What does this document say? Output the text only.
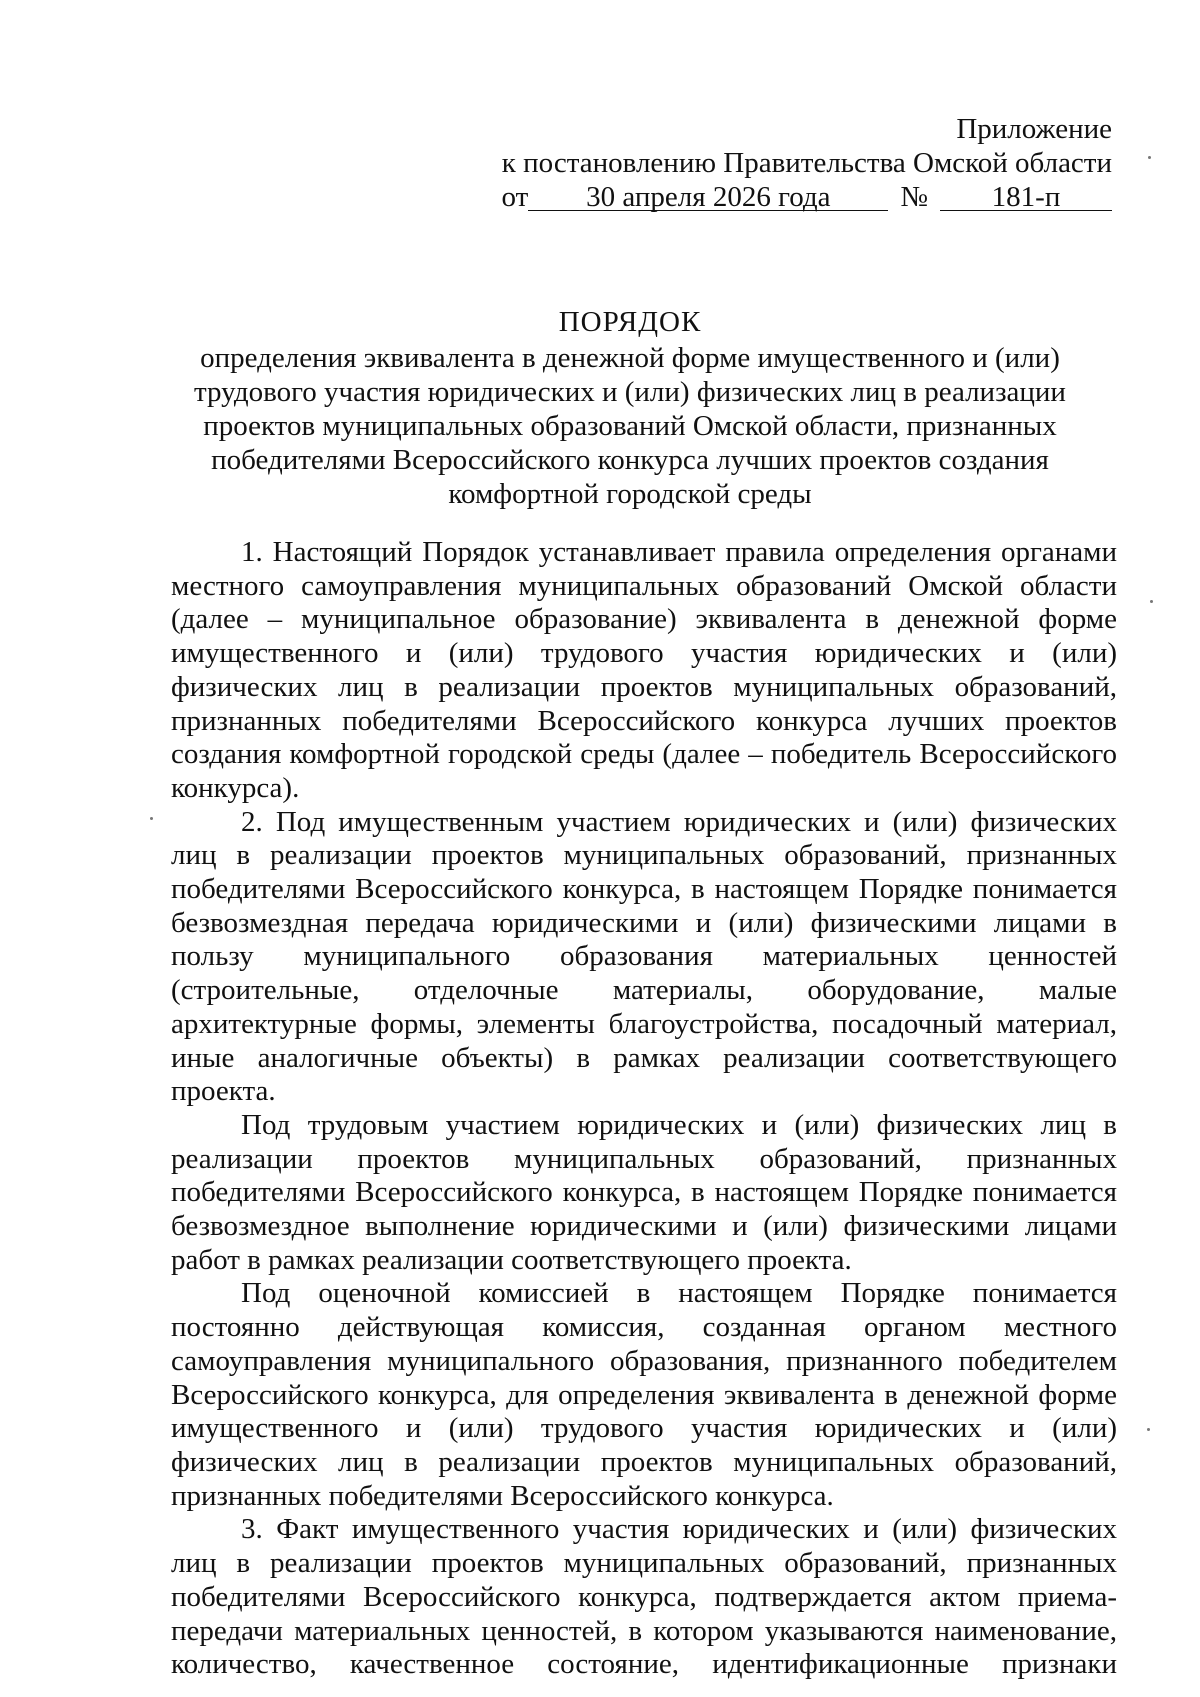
Приложение
к постановлению Правительства Омской области
от 30 апреля 2026 года № 181-п
ПОРЯДОК
определения эквивалента в денежной форме имущественного и (или)
трудового участия юридических и (или) физических лиц в реализации
проектов муниципальных образований Омской области, признанных
победителями Всероссийского конкурса лучших проектов создания
комфортной городской среды

1. Настоящий Порядок устанавливает правила определения органами местного самоуправления муниципальных образований Омской области (далее – муниципальное образование) эквивалента в денежной форме имущественного и (или) трудового участия юридических и (или) физических лиц в реализации проектов муниципальных образований, признанных победителями Всероссийского конкурса лучших проектов создания комфортной городской среды (далее – победитель Всероссийского конкурса).

2. Под имущественным участием юридических и (или) физических лиц в реализации проектов муниципальных образований, признанных победителями Всероссийского конкурса, в настоящем Порядке понимается безвозмездная передача юридическими и (или) физическими лицами в пользу муниципального образования материальных ценностей (строительные, отделочные материалы, оборудование, малые архитектурные формы, элементы благоустройства, посадочный материал, иные аналогичные объекты) в рамках реализации соответствующего проекта.

Под трудовым участием юридических и (или) физических лиц в реализации проектов муниципальных образований, признанных победителями Всероссийского конкурса, в настоящем Порядке понимается безвозмездное выполнение юридическими и (или) физическими лицами работ в рамках реализации соответствующего проекта.

Под оценочной комиссией в настоящем Порядке понимается постоянно действующая комиссия, созданная органом местного самоуправления муниципального образования, признанного победителем Всероссийского конкурса, для определения эквивалента в денежной форме имущественного и (или) трудового участия юридических и (или) физических лиц в реализации проектов муниципальных образований, признанных победителями Всероссийского конкурса.

3. Факт имущественного участия юридических и (или) физических лиц в реализации проектов муниципальных образований, признанных победителями Всероссийского конкурса, подтверждается актом приема-передачи материальных ценностей, в котором указываются наименование, количество, качественное состояние, идентификационные признаки
